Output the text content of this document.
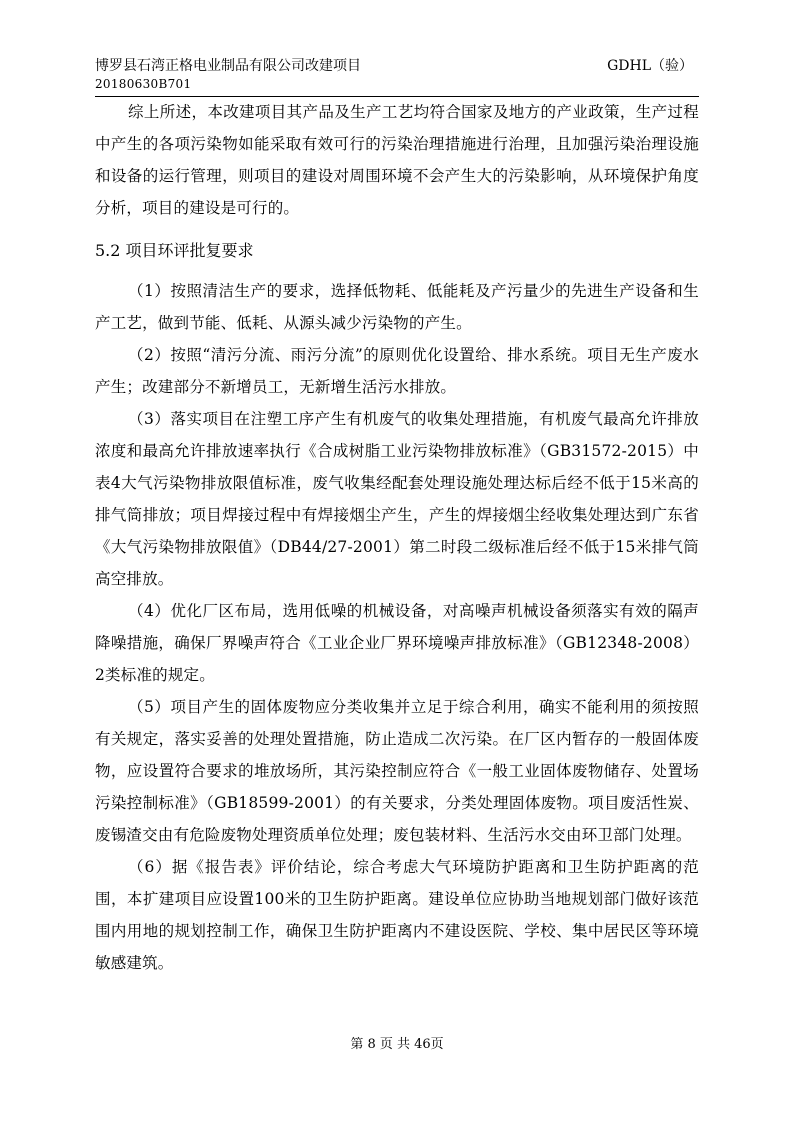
博罗县石湾正格电业制品有限公司改建项目
20180630B701
GDHL（验）

综上所述，本改建项目其产品及生产工艺均符合国家及地方的产业政策，生产过程中产生的各项污染物如能采取有效可行的污染治理措施进行治理，且加强污染治理设施和设备的运行管理，则项目的建设对周围环境不会产生大的污染影响，从环境保护角度分析，项目的建设是可行的。

5.2 项目环评批复要求

（1）按照清洁生产的要求，选择低物耗、低能耗及产污量少的先进生产设备和生产工艺，做到节能、低耗、从源头减少污染物的产生。

（2）按照“清污分流、雨污分流”的原则优化设置给、排水系统。项目无生产废水产生；改建部分不新增员工，无新增生活污水排放。

（3）落实项目在注塑工序产生有机废气的收集处理措施，有机废气最高允许排放浓度和最高允许排放速率执行《合成树脂工业污染物排放标准》（GB31572-2015）中表4大气污染物排放限值标准，废气收集经配套处理设施处理达标后经不低于15米高的排气筒排放；项目焊接过程中有焊接烟尘产生，产生的焊接烟尘经收集处理达到广东省《大气污染物排放限值》（DB44/27-2001）第二时段二级标准后经不低于15米排气筒高空排放。

（4）优化厂区布局，选用低噪的机械设备，对高噪声机械设备须落实有效的隔声降噪措施，确保厂界噪声符合《工业企业厂界环境噪声排放标准》（GB12348-2008）2类标准的规定。

（5）项目产生的固体废物应分类收集并立足于综合利用，确实不能利用的须按照有关规定，落实妥善的处理处置措施，防止造成二次污染。在厂区内暂存的一般固体废物，应设置符合要求的堆放场所，其污染控制应符合《一般工业固体废物储存、处置场污染控制标准》（GB18599-2001）的有关要求，分类处理固体废物。项目废活性炭、废锡渣交由有危险废物处理资质单位处理；废包装材料、生活污水交由环卫部门处理。

（6）据《报告表》评价结论，综合考虑大气环境防护距离和卫生防护距离的范围，本扩建项目应设置100米的卫生防护距离。建设单位应协助当地规划部门做好该范围内用地的规划控制工作，确保卫生防护距离内不建设医院、学校、集中居民区等环境敏感建筑。

第 8 页 共 46页
